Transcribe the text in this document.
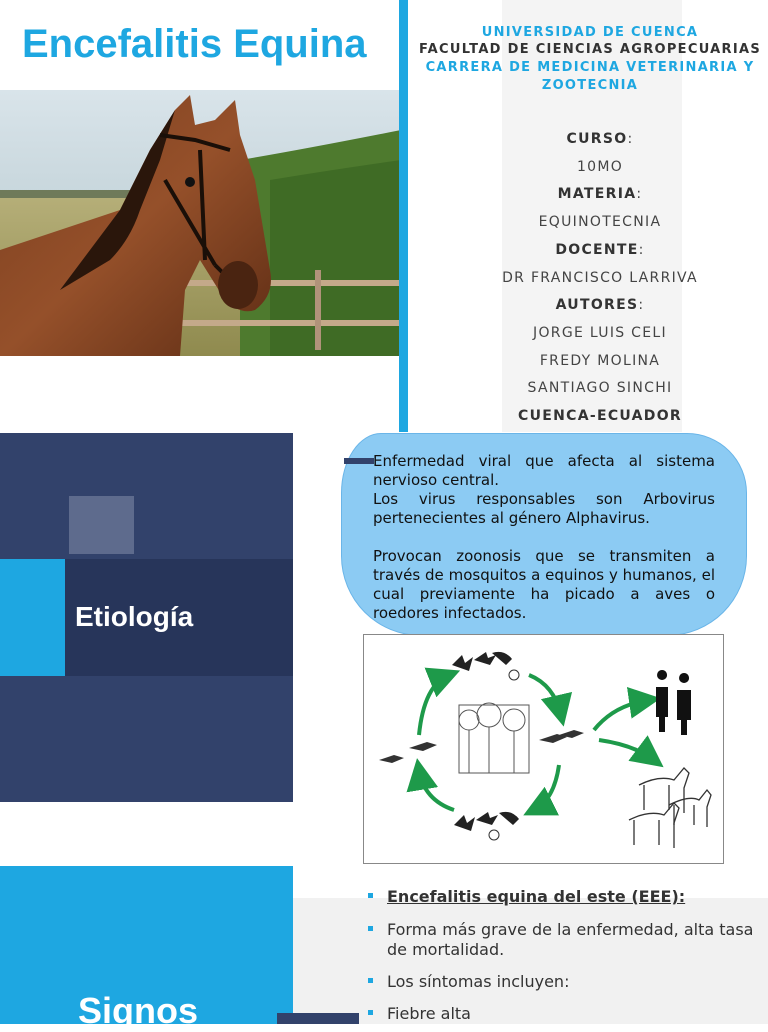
Encefalitis Equina	UNIVERSIDAD DE CUENCA
FACULTAD DE CIENCIAS AGROPECUARIAS
CARRERA DE MEDICINA VETERINARIA Y
ZOOTECNIA
CURSO:
10MO
MATERIA:
EQUINOTECNIA
DOCENTE:
DR FRANCISCO LARRIVA
AUTORES:
JORGE LUIS CELI
FREDY MOLINA
SANTIAGO SINCHI
CUENCA-ECUADOR
Etiología

Enfermedad viral que afecta al sistema nervioso central.

Los virus responsables son Arbovirus pertenecientes al género Alphavirus.

Provocan zoonosis que se transmiten a través de mosquitos a equinos y humanos, el cual previamente ha picado a aves o roedores infectados.

Signos
Encefalitis equina del este (EEE):
Forma más grave de la enfermedad, alta tasa de mortalidad.
Los síntomas incluyen:
Fiebre alta
